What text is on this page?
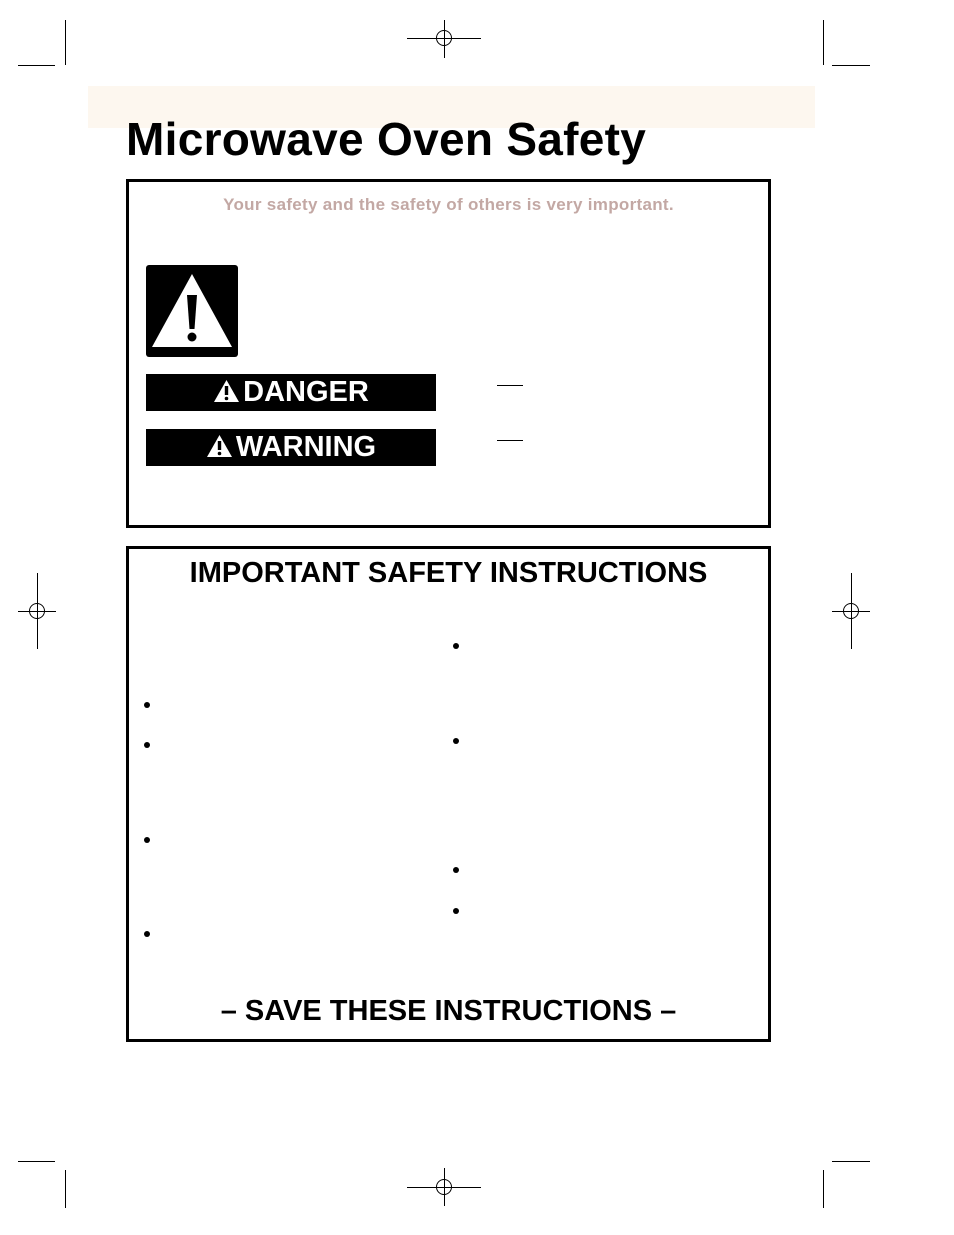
Microwave Oven Safety
Your safety and the safety of others is very important.
DANGER
WARNING
IMPORTANT SAFETY INSTRUCTIONS
– SAVE THESE INSTRUCTIONS –
